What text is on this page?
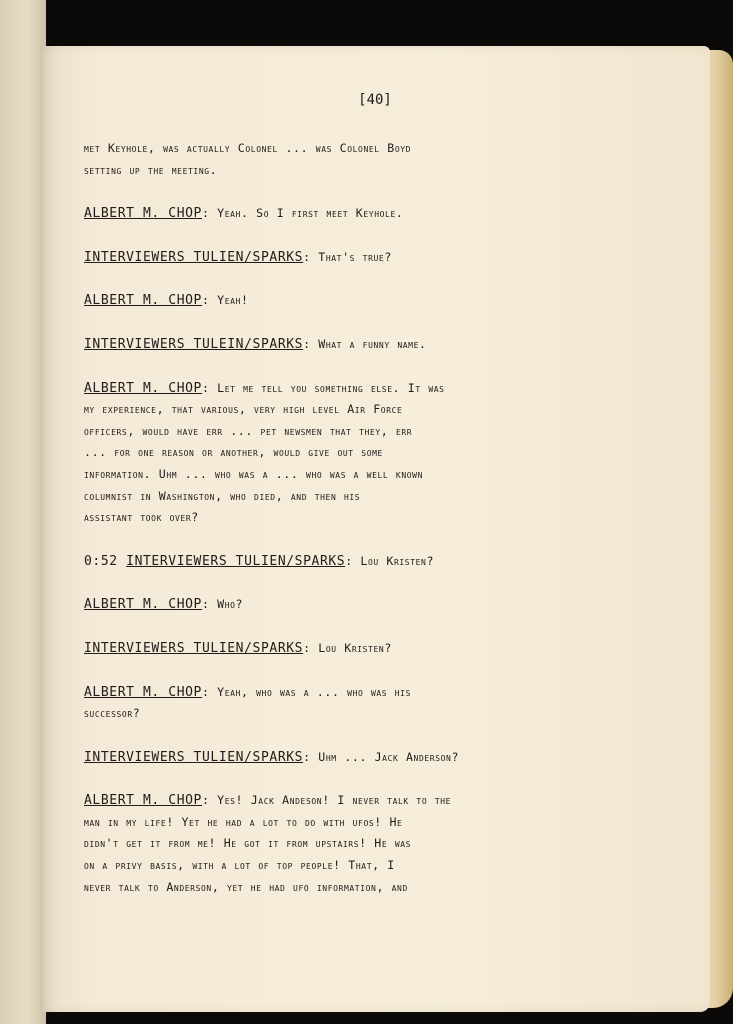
[40]

met Keyhole, was actually Colonel ... was Colonel Boyd
setting up the meeting.

ALBERT M. CHOP: Yeah. So I first meet Keyhole.

INTERVIEWERS TULIEN/SPARKS: That's true?

ALBERT M. CHOP: Yeah!

INTERVIEWERS TULEIN/SPARKS: What a funny name.

ALBERT M. CHOP: Let me tell you something else. It was
my experience, that various, very high level Air Force
officers, would have err ... pet newsmen that they, err
... for one reason or another, would give out some
information. Uhm ... who was a ... who was a well known
columnist in Washington, who died, and then his
assistant took over?

0:52 INTERVIEWERS TULIEN/SPARKS: Lou Kristen?

ALBERT M. CHOP: Who?

INTERVIEWERS TULIEN/SPARKS: Lou Kristen?

ALBERT M. CHOP: Yeah, who was a ... who was his
successor?

INTERVIEWERS TULIEN/SPARKS: Uhm ... Jack Anderson?

ALBERT M. CHOP: Yes! Jack Andeson! I never talk to the
man in my life! Yet he had a lot to do with ufos! He
didn't get it from me! He got it from upstairs! He was
on a privy basis, with a lot of top people! That, I
never talk to Anderson, yet he had ufo information, and
